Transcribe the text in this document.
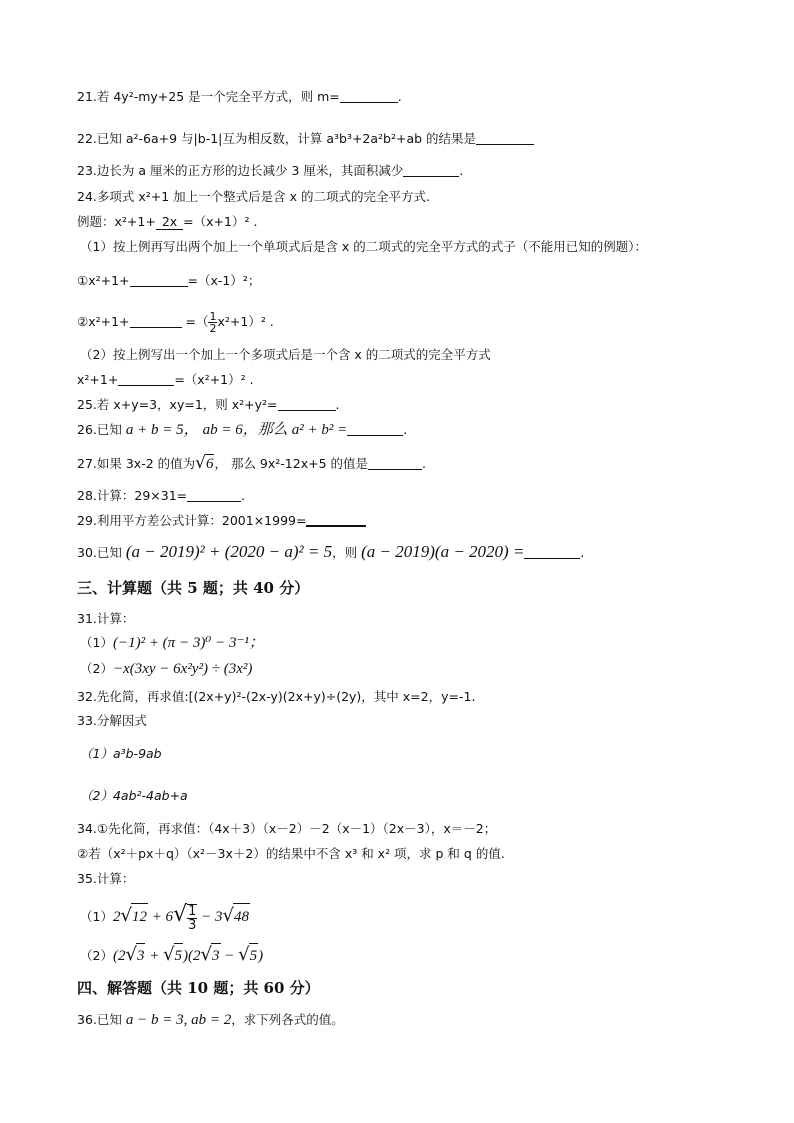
21.若 4y²-my+25 是一个完全平方式，则 m=	.
22.已知 a²-6a+9 与|b-1|互为相反数，计算 a³b³+2a²b²+ab 的结果是
23.边长为 a 厘米的正方形的边长减少 3 厘米，其面积减少	.
24.多项式 x²+1 加上一个整式后是含 x 的二项式的完全平方式.
例题：x²+1+ 2x =（x+1）² .
（1）按上例再写出两个加上一个单项式后是含 x 的二项式的完全平方式的式子（不能用已知的例题）：
①x²+1+	=（x-1）²；
②x²+1+	=（ $\frac{1}{2} x^2+1)^2$ .
（2）按上例写出一个加上一个多项式后是一个含 x 的二项式的完全平方式
x²+1+	=（x²+1）² .
25.若 x+y=3，xy=1，则 x²+y²=	.
26.已知 a + b = 5， ab = 6，那么 a² + b² =	.
27.如果 3x-2 的值为√6， 那么 9x²-12x+5 的值是	.
28.计算：29×31=	.
29.利用平方差公式计算：2001×1999=
30.已知 (a − 2019)² + (2020 − a)² = 5，则 (a − 2019)(a − 2020) =	.
三、计算题（共 5 题；共 40 分）
31.计算：
（1）(−1)² + (π − 3)⁰ − 3⁻¹；
（2）−x(3xy − 6x²y²) ÷ (3x²)
32.先化简，再求值:[(2x+y)²-(2x-y)(2x+y)÷(2y)，其中 x=2，y=-1.
33.分解因式
（1）a³b-9ab
（2）4ab²-4ab+a
34.①先化简，再求值：（4x＋3）（x－2）－2（x－1）（2x－3），x＝－2；
②若（x²＋px＋q）（x²－3x＋2）的结果中不含 x³ 和 x² 项，求 p 和 q 的值.
35.计算：
$(1)2√12 + 6√ \frac{1}{3} - 3√48$
（2）(2√3 + √5)(2√3 − √5)
四、解答题（共 10 题；共 60 分）
36.已知 a − b = 3, ab = 2，求下列各式的值。
